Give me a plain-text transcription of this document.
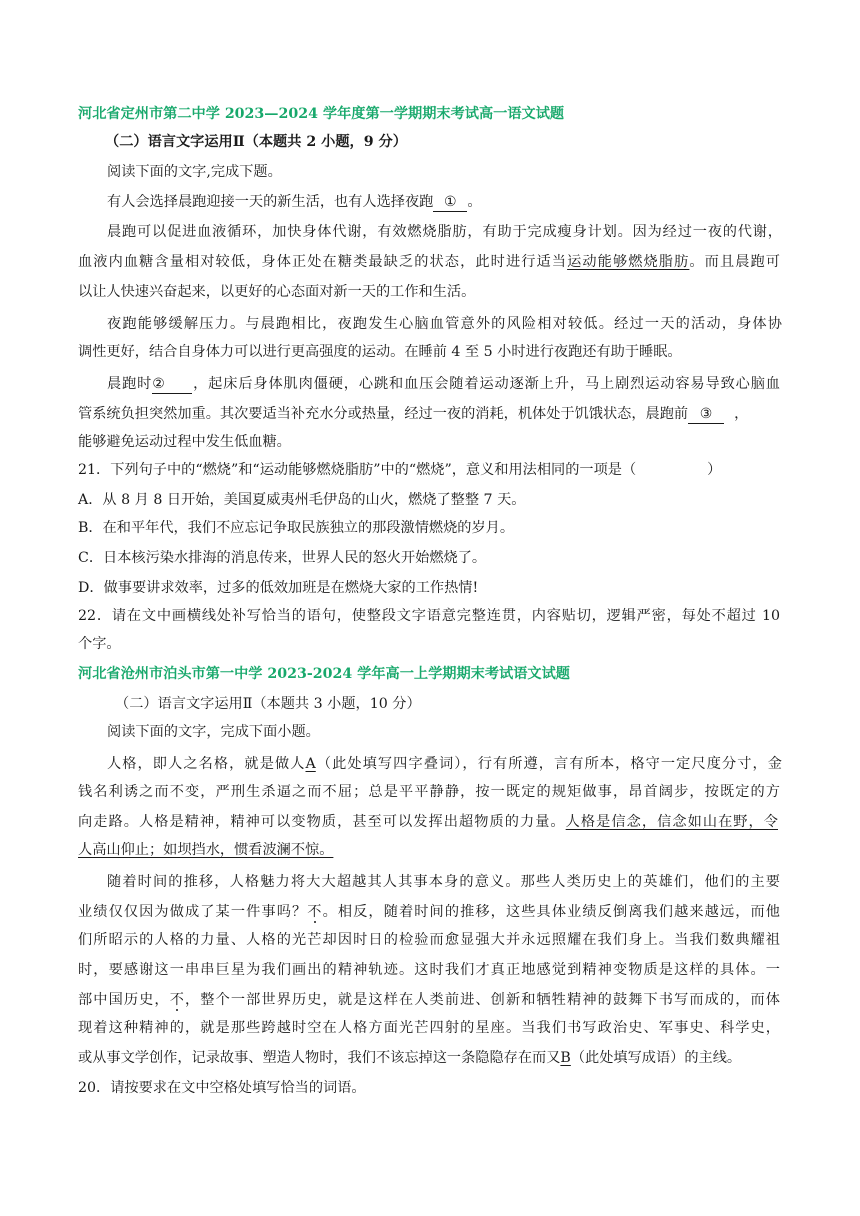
河北省定州市第二中学 2023—2024 学年度第一学期期末考试高一语文试题
（二）语言文字运用Ⅱ（本题共 2 小题，9 分）
阅读下面的文字,完成下题。
有人会选择晨跑迎接一天的新生活，也有人选择夜跑 ① 。
晨跑可以促进血液循环，加快身体代谢，有效燃烧脂肪，有助于完成瘦身计划。因为经过一夜的代谢，
血液内血糖含量相对较低，身体正处在糖类最缺乏的状态，此时进行适当运动能够燃烧脂肪。而且晨跑可
以让人快速兴奋起来，以更好的心态面对新一天的工作和生活。
夜跑能够缓解压力。与晨跑相比，夜跑发生心脑血管意外的风险相对较低。经过一天的活动，身体协
调性更好，结合自身体力可以进行更高强度的运动。在睡前 4 至 5 小时进行夜跑还有助于睡眠。
晨跑时② ，起床后身体肌肉僵硬，心跳和血压会随着运动逐渐上升，马上剧烈运动容易导致心脑血
管系统负担突然加重。其次要适当补充水分或热量，经过一夜的消耗，机体处于饥饿状态，晨跑前 ③ ，
能够避免运动过程中发生低血糖。
21．下列句子中的“燃烧”和“运动能够燃烧脂肪”中的“燃烧”，意义和用法相同的一项是（　　　　　）
A．从 8 月 8 日开始，美国夏威夷州毛伊岛的山火，燃烧了整整 7 天。
B．在和平年代，我们不应忘记争取民族独立的那段激情燃烧的岁月。
C．日本核污染水排海的消息传来，世界人民的怒火开始燃烧了。
D．做事要讲求效率，过多的低效加班是在燃烧大家的工作热情!
22．请在文中画横线处补写恰当的语句，使整段文字语意完整连贯，内容贴切，逻辑严密，每处不超过 10
个字。
河北省沧州市泊头市第一中学 2023-2024 学年高一上学期期末考试语文试题
（二）语言文字运用Ⅱ（本题共 3 小题，10 分）
阅读下面的文字，完成下面小题。
人格，即人之名格，就是做人A（此处填写四字叠词），行有所遵，言有所本，格守一定尺度分寸，金
钱名利诱之而不变，严刑生杀逼之而不屈；总是平平静静，按一既定的规矩做事，昂首阔步，按既定的方
向走路。人格是精神，精神可以变物质，甚至可以发挥出超物质的力量。人格是信念，信念如山在野，令
人高山仰止；如坝挡水，惯看波澜不惊。
随着时间的推移，人格魅力将大大超越其人其事本身的意义。那些人类历史上的英雄们，他们的主要
业绩仅仅因为做成了某一件事吗？不。相反，随着时间的推移，这些具体业绩反倒离我们越来越远，而他
们所昭示的人格的力量、人格的光芒却因时日的检验而愈显强大并永远照耀在我们身上。当我们数典耀祖
时，要感谢这一串串巨星为我们画出的精神轨迹。这时我们才真正地感觉到精神变物质是这样的具体。一
部中国历史，不，整个一部世界历史，就是这样在人类前进、创新和牺牲精神的鼓舞下书写而成的，而体
现着这种精神的，就是那些跨越时空在人格方面光芒四射的星座。当我们书写政治史、军事史、科学史，
或从事文学创作，记录故事、塑造人物时，我们不该忘掉这一条隐隐存在而又B（此处填写成语）的主线。
20．请按要求在文中空格处填写恰当的词语。
